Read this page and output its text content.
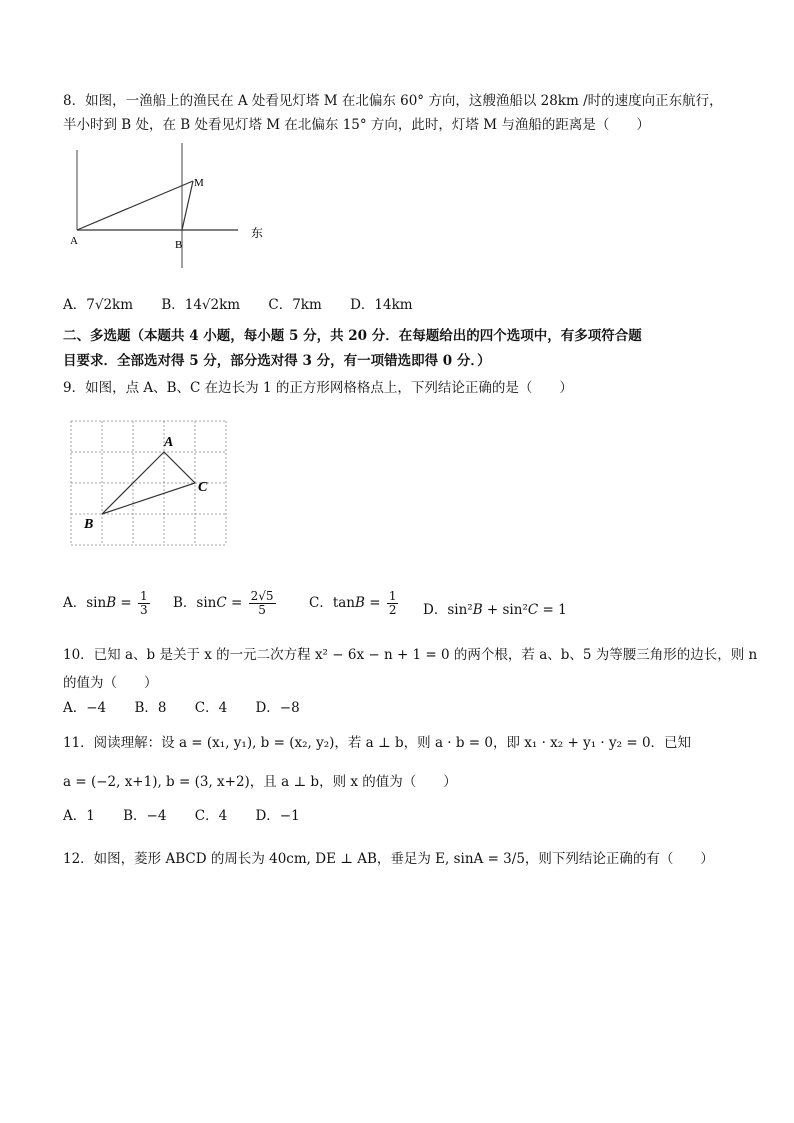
8．如图，一渔船上的渔民在 A 处看见灯塔 M 在北偏东 60° 方向，这艘渔船以 28km /时的速度向正东航行，
半小时到 B 处，在 B 处看见灯塔 M 在北偏东 15° 方向，此时，灯塔 M 与渔船的距离是（　　）
A	B
M
东
A．7√2km B．14√2km C．7km D．14km
二、多选题（本题共 4 小题，每小题 5 分，共 20 分．在每题给出的四个选项中，有多项符合题
目要求．全部选对得 5 分，部分选对得 3 分，有一项错选即得 0 分．）
9．如图，点 A、B、C 在边长为 1 的正方形网格格点上，下列结论正确的是（　　）
A
B
C
A．$\sin B = \frac{1}{3}$ B．$\sin C = \frac{2√5}{5}$ C．$\tan B = \frac{1}{2}$ D．sin²B + sin²C = 1
10．已知 a、b 是关于 x 的一元二次方程 x² − 6x − n + 1 = 0 的两个根，若 a、b、5 为等腰三角形的边长，则 n
的值为（　　）
A．−4 B．8 C．4 D．−8
11．阅读理解：设 a = (x₁, y₁), b = (x₂, y₂)，若 a ⊥ b，则 a · b = 0，即 x₁ · x₂ + y₁ · y₂ = 0．已知
a = (−2, x+1), b = (3, x+2)，且 a ⊥ b，则 x 的值为（　　）
A．1 B．−4 C．4 D．−1
12．如图，菱形 ABCD 的周长为 40cm, DE ⊥ AB，垂足为 E, sinA = 3/5，则下列结论正确的有（　　）
